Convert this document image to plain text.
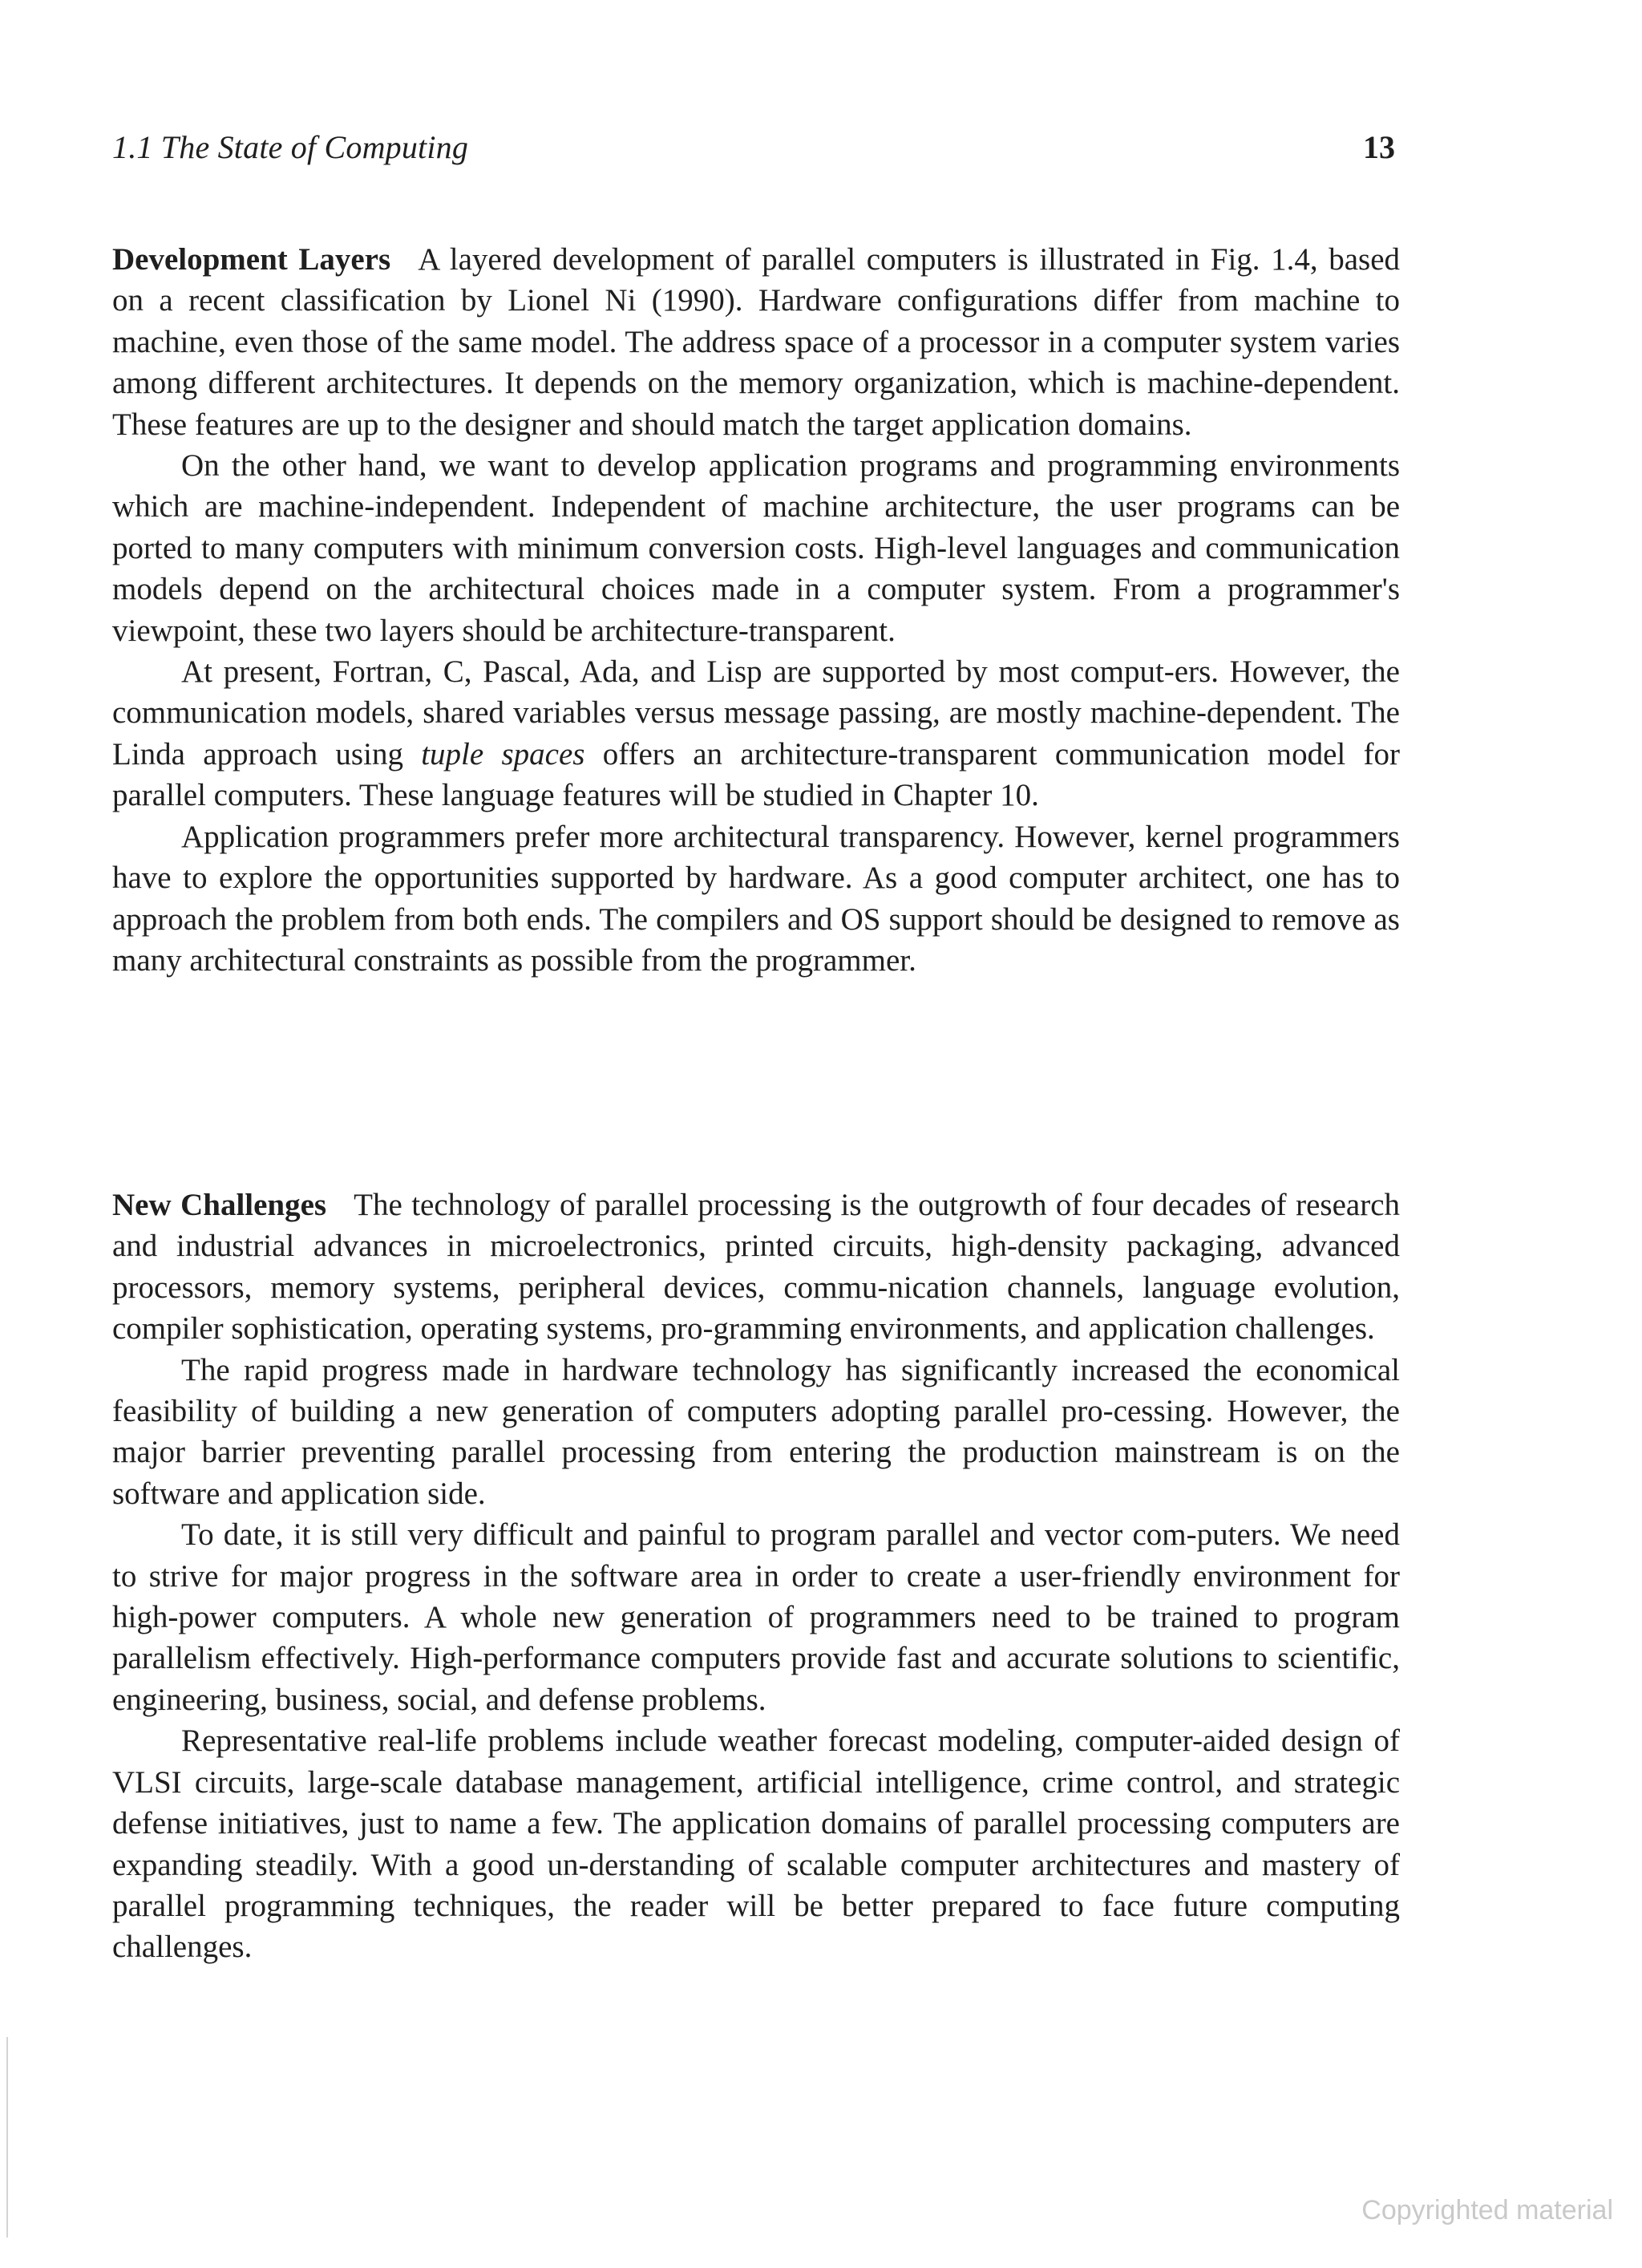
1.1 The State of Computing	13

Development Layers A layered development of parallel computers is illustrated in Fig. 1.4, based on a recent classification by Lionel Ni (1990). Hardware configurations differ from machine to machine, even those of the same model. The address space of a processor in a computer system varies among different architectures. It depends on the memory organization, which is machine-dependent. These features are up to the designer and should match the target application domains.

On the other hand, we want to develop application programs and programming environments which are machine-independent. Independent of machine architecture, the user programs can be ported to many computers with minimum conversion costs. High-level languages and communication models depend on the architectural choices made in a computer system. From a programmer's viewpoint, these two layers should be architecture-transparent.

At present, Fortran, C, Pascal, Ada, and Lisp are supported by most comput-ers. However, the communication models, shared variables versus message passing, are mostly machine-dependent. The Linda approach using tuple spaces offers an architecture-transparent communication model for parallel computers. These language features will be studied in Chapter 10.

Application programmers prefer more architectural transparency. However, kernel programmers have to explore the opportunities supported by hardware. As a good computer architect, one has to approach the problem from both ends. The compilers and OS support should be designed to remove as many architectural constraints as possible from the programmer.

New Challenges The technology of parallel processing is the outgrowth of four decades of research and industrial advances in microelectronics, printed circuits, high-density packaging, advanced processors, memory systems, peripheral devices, commu-nication channels, language evolution, compiler sophistication, operating systems, pro-gramming environments, and application challenges.

The rapid progress made in hardware technology has significantly increased the economical feasibility of building a new generation of computers adopting parallel pro-cessing. However, the major barrier preventing parallel processing from entering the production mainstream is on the software and application side.

To date, it is still very difficult and painful to program parallel and vector com-puters. We need to strive for major progress in the software area in order to create a user-friendly environment for high-power computers. A whole new generation of programmers need to be trained to program parallelism effectively. High-performance computers provide fast and accurate solutions to scientific, engineering, business, social, and defense problems.

Representative real-life problems include weather forecast modeling, computer-aided design of VLSI circuits, large-scale database management, artificial intelligence, crime control, and strategic defense initiatives, just to name a few. The application domains of parallel processing computers are expanding steadily. With a good un-derstanding of scalable computer architectures and mastery of parallel programming techniques, the reader will be better prepared to face future computing challenges.

Copyrighted material
